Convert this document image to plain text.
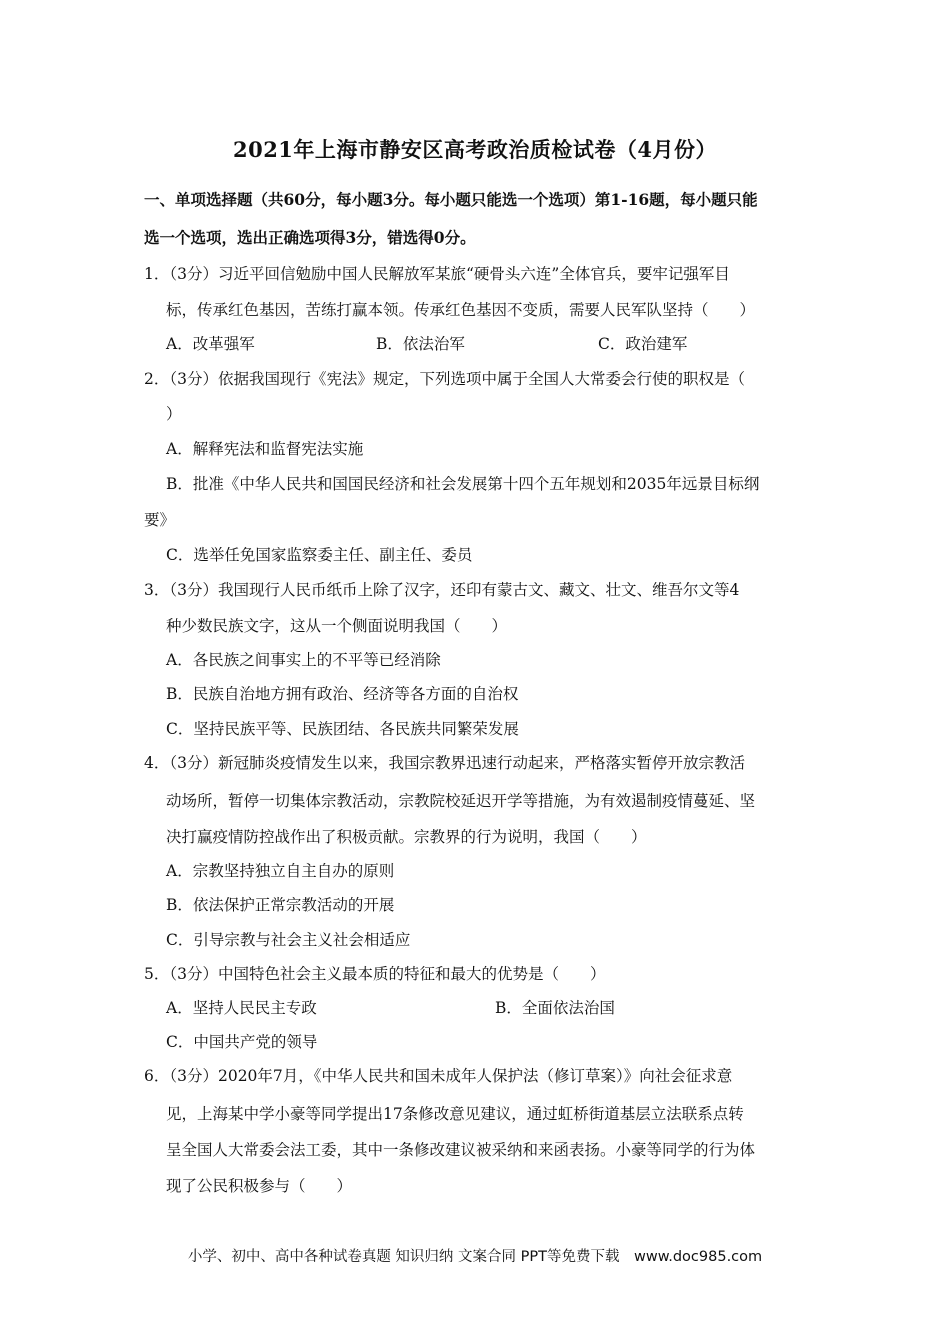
2021年上海市静安区高考政治质检试卷（4月份）
一、单项选择题（共60分，每小题3分。每小题只能选一个选项）第1-16题，每小题只能
选一个选项，选出正确选项得3分，错选得0分。
1．（3分）习近平回信勉励中国人民解放军某旅“硬骨头六连”全体官兵，要牢记强军目
标，传承红色基因，苦练打赢本领。传承红色基因不变质，需要人民军队坚持（　　）
A．改革强军	B．依法治军	C．政治建军
2．（3分）依据我国现行《宪法》规定，下列选项中属于全国人大常委会行使的职权是（
）
A．解释宪法和监督宪法实施
B．批准《中华人民共和国国民经济和社会发展第十四个五年规划和2035年远景目标纲
要》
C．选举任免国家监察委主任、副主任、委员
3．（3分）我国现行人民币纸币上除了汉字，还印有蒙古文、藏文、壮文、维吾尔文等4
种少数民族文字，这从一个侧面说明我国（　　）
A．各民族之间事实上的不平等已经消除
B．民族自治地方拥有政治、经济等各方面的自治权
C．坚持民族平等、民族团结、各民族共同繁荣发展
4．（3分）新冠肺炎疫情发生以来，我国宗教界迅速行动起来，严格落实暂停开放宗教活
动场所，暂停一切集体宗教活动，宗教院校延迟开学等措施，为有效遏制疫情蔓延、坚
决打赢疫情防控战作出了积极贡献。宗教界的行为说明，我国（　　）
A．宗教坚持独立自主自办的原则
B．依法保护正常宗教活动的开展
C．引导宗教与社会主义社会相适应
5．（3分）中国特色社会主义最本质的特征和最大的优势是（　　）
A．坚持人民民主专政	B．全面依法治国
C．中国共产党的领导
6．（3分）2020年7月，《中华人民共和国未成年人保护法（修订草案）》向社会征求意
见，上海某中学小豪等同学提出17条修改意见建议，通过虹桥街道基层立法联系点转
呈全国人大常委会法工委，其中一条修改建议被采纳和来函表扬。小豪等同学的行为体
现了公民积极参与（　　）
小学、初中、高中各种试卷真题 知识归纳 文案合同 PPT等免费下载　www.doc985.com
